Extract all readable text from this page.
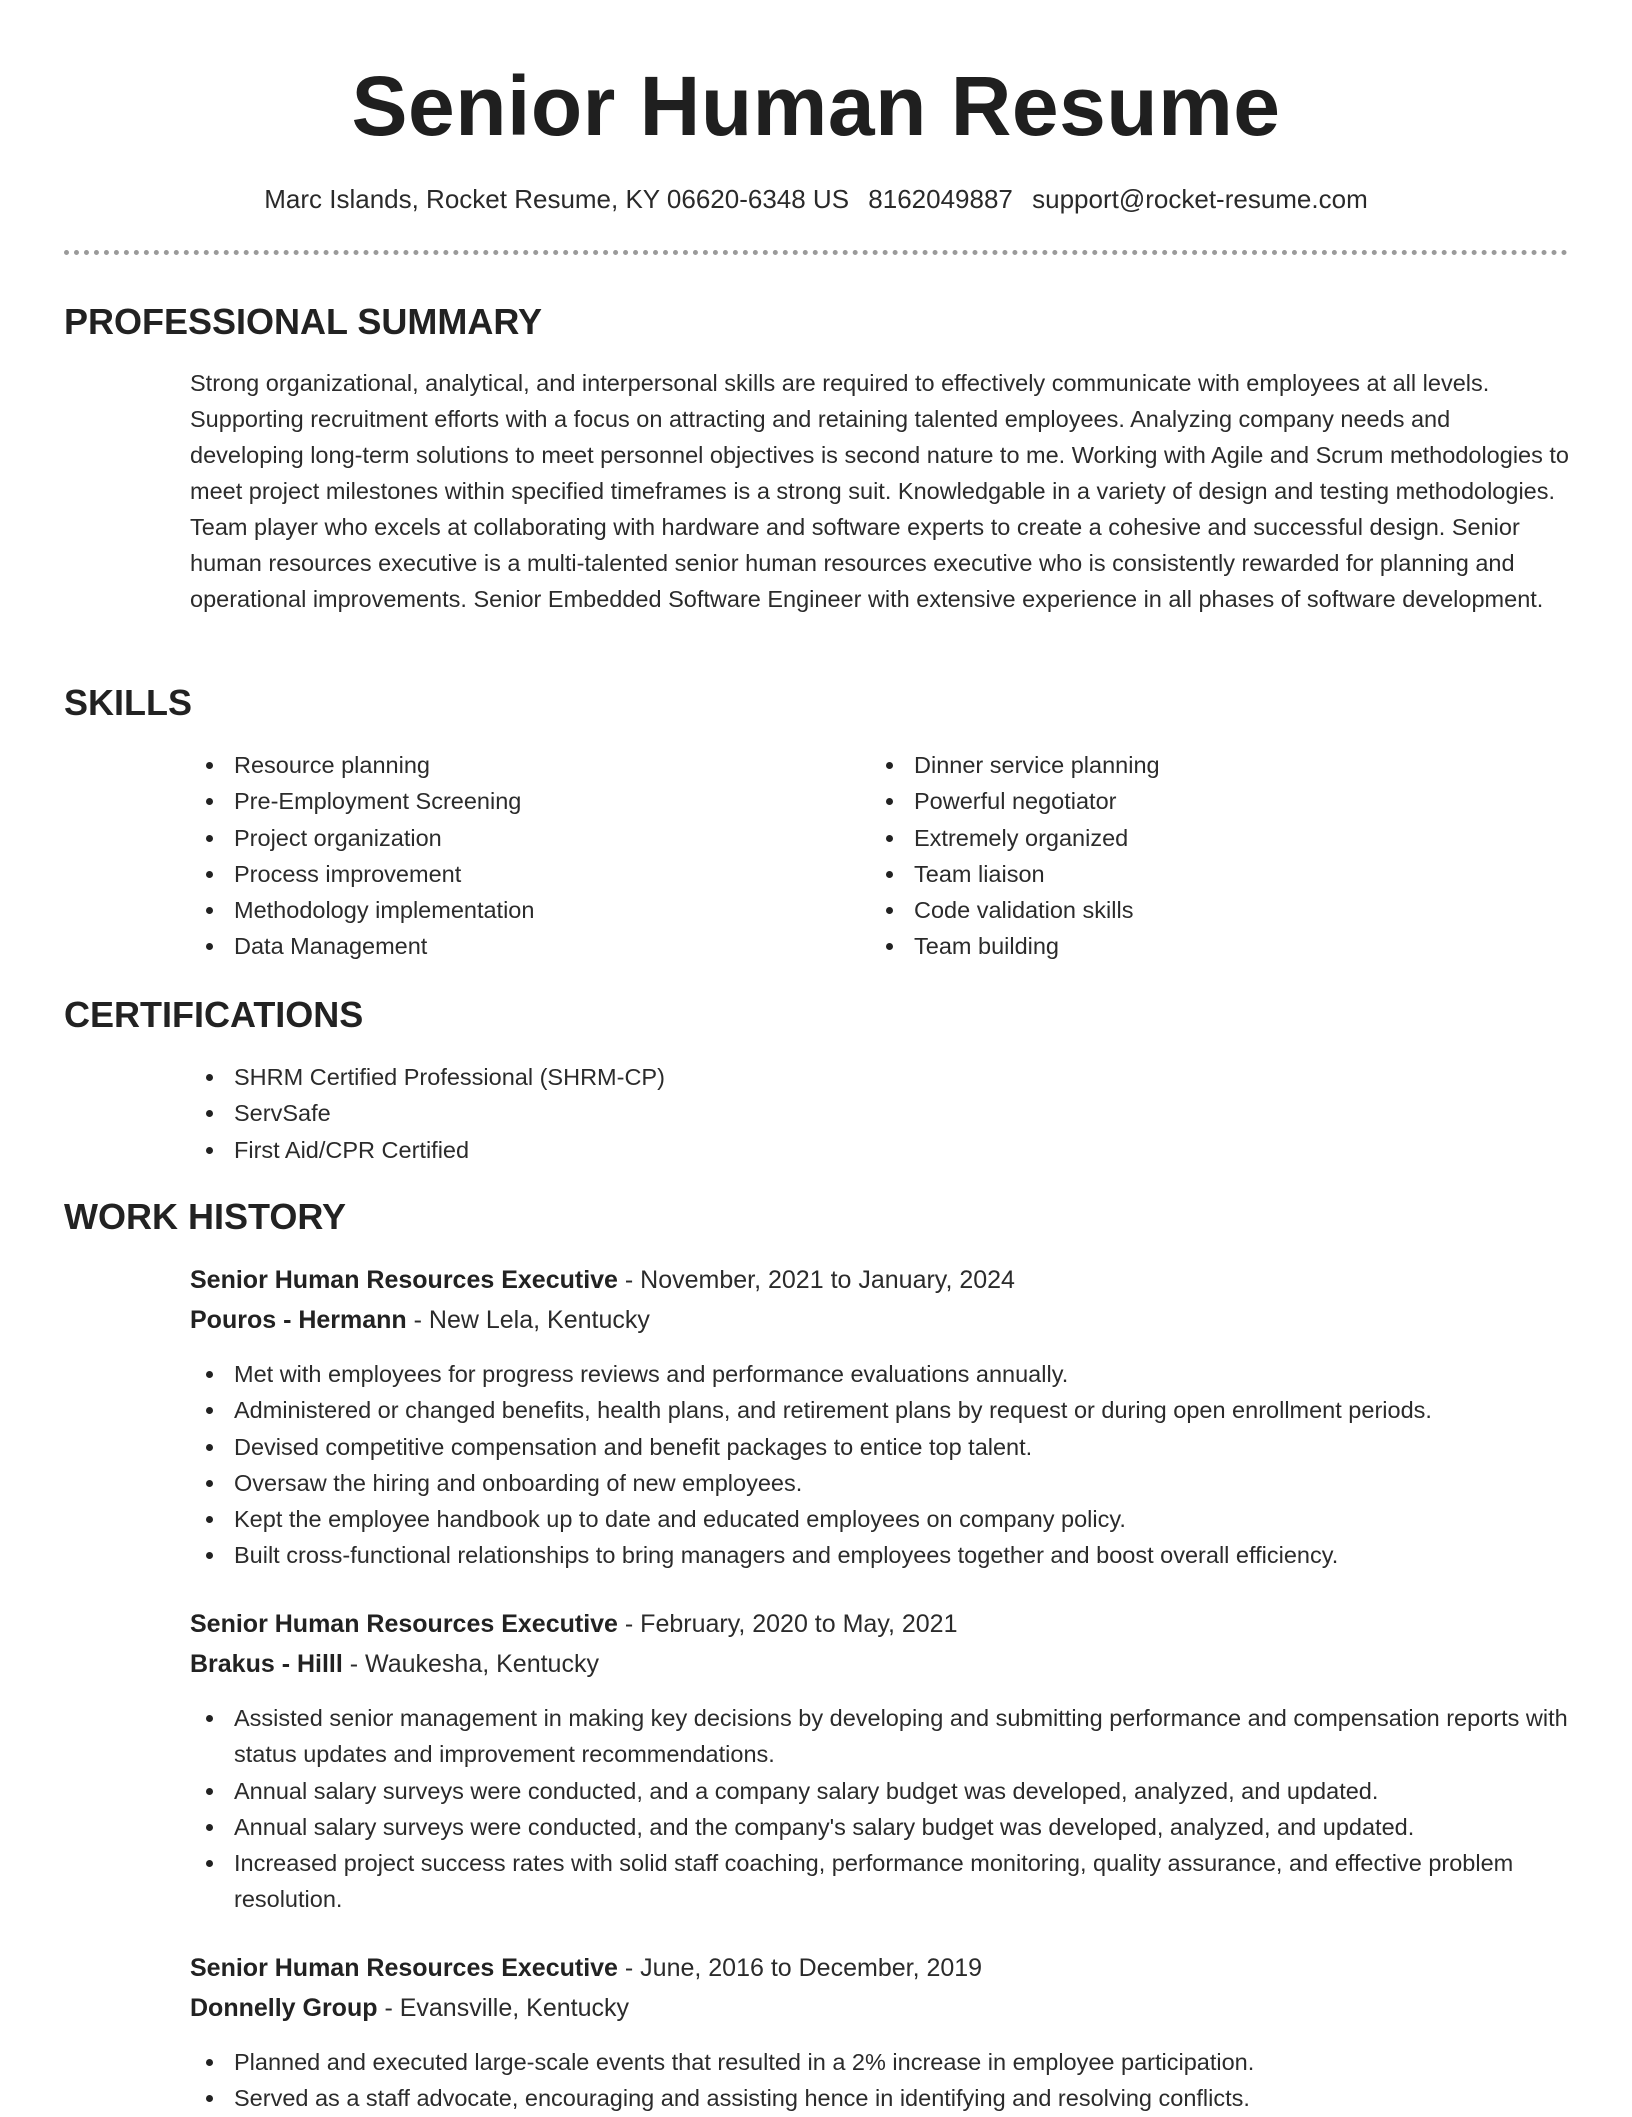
Senior Human Resume
Marc Islands, Rocket Resume, KY 06620-6348 US 8162049887 support@rocket-resume.com
PROFESSIONAL SUMMARY

Strong organizational, analytical, and interpersonal skills are required to effectively communicate with employees at all levels. Supporting recruitment efforts with a focus on attracting and retaining talented employees. Analyzing company needs and developing long-term solutions to meet personnel objectives is second nature to me. Working with Agile and Scrum methodologies to meet project milestones within specified timeframes is a strong suit. Knowledgable in a variety of design and testing methodologies. Team player who excels at collaborating with hardware and software experts to create a cohesive and successful design. Senior human resources executive is a multi-talented senior human resources executive who is consistently rewarded for planning and operational improvements. Senior Embedded Software Engineer with extensive experience in all phases of software development.

SKILLS
Resource planning
Pre-Employment Screening
Project organization
Process improvement
Methodology implementation
Data Management
Dinner service planning
Powerful negotiator
Extremely organized
Team liaison
Code validation skills
Team building
CERTIFICATIONS
SHRM Certified Professional (SHRM-CP)
ServSafe
First Aid/CPR Certified
WORK HISTORY
Senior Human Resources Executive - November, 2021 to January, 2024
Pouros - Hermann - New Lela, Kentucky
Met with employees for progress reviews and performance evaluations annually.
Administered or changed benefits, health plans, and retirement plans by request or during open enrollment periods.
Devised competitive compensation and benefit packages to entice top talent.
Oversaw the hiring and onboarding of new employees.
Kept the employee handbook up to date and educated employees on company policy.
Built cross-functional relationships to bring managers and employees together and boost overall efficiency.
Senior Human Resources Executive - February, 2020 to May, 2021
Brakus - Hilll - Waukesha, Kentucky
Assisted senior management in making key decisions by developing and submitting performance and compensation reports with status updates and improvement recommendations.
Annual salary surveys were conducted, and a company salary budget was developed, analyzed, and updated.
Annual salary surveys were conducted, and the company's salary budget was developed, analyzed, and updated.
Increased project success rates with solid staff coaching, performance monitoring, quality assurance, and effective problem resolution.
Senior Human Resources Executive - June, 2016 to December, 2019
Donnelly Group - Evansville, Kentucky
Planned and executed large-scale events that resulted in a 2% increase in employee participation.
Served as a staff advocate, encouraging and assisting hence in identifying and resolving conflicts.
